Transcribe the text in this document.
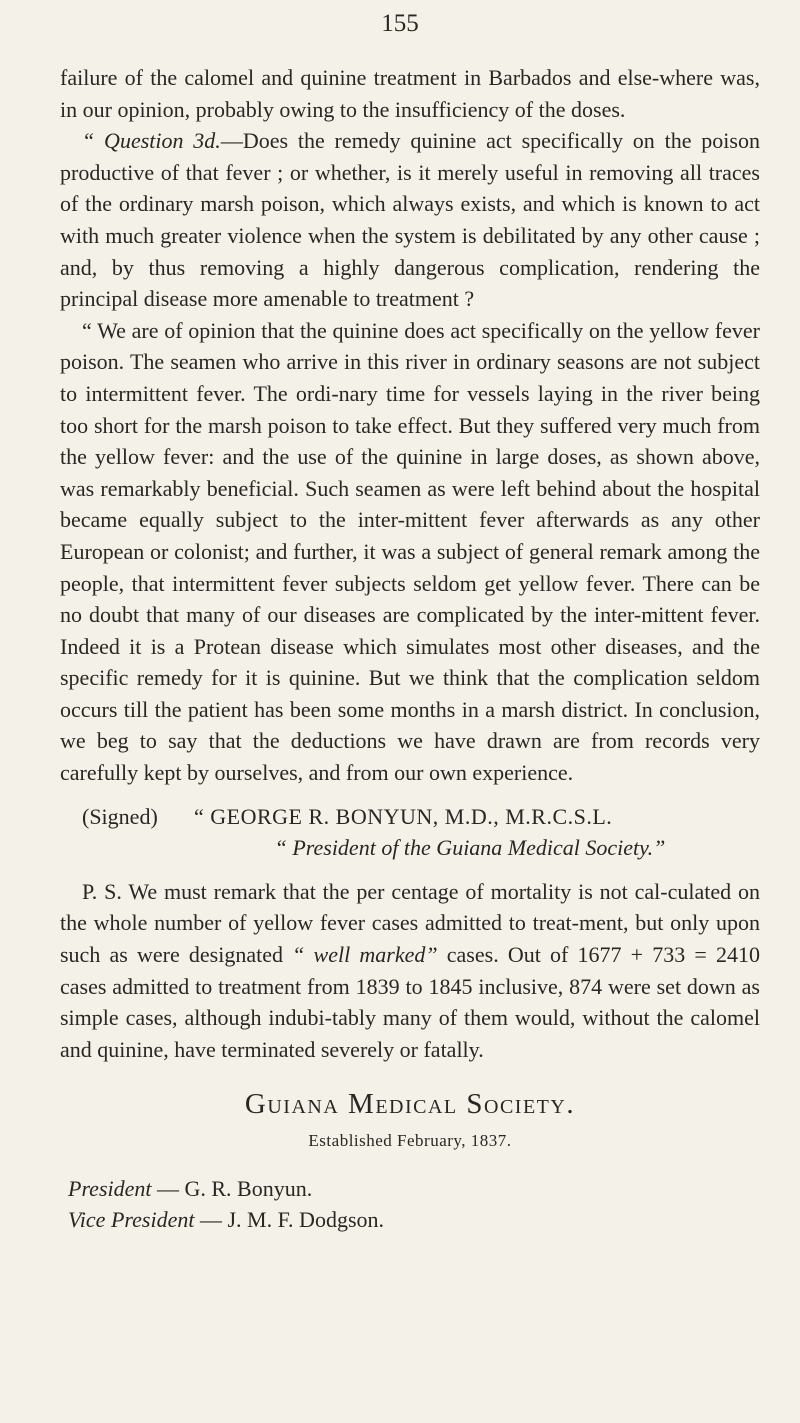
155

failure of the calomel and quinine treatment in Barbados and else-where was, in our opinion, probably owing to the insufficiency of the doses.

“ Question 3d.—Does the remedy quinine act specifically on the poison productive of that fever ; or whether, is it merely useful in removing all traces of the ordinary marsh poison, which always exists, and which is known to act with much greater violence when the system is debilitated by any other cause ; and, by thus removing a highly dangerous complication, rendering the principal disease more amenable to treatment ?

“ We are of opinion that the quinine does act specifically on the yellow fever poison. The seamen who arrive in this river in ordinary seasons are not subject to intermittent fever. The ordi-nary time for vessels laying in the river being too short for the marsh poison to take effect. But they suffered very much from the yellow fever: and the use of the quinine in large doses, as shown above, was remarkably beneficial. Such seamen as were left behind about the hospital became equally subject to the inter-mittent fever afterwards as any other European or colonist; and further, it was a subject of general remark among the people, that intermittent fever subjects seldom get yellow fever. There can be no doubt that many of our diseases are complicated by the inter-mittent fever. Indeed it is a Protean disease which simulates most other diseases, and the specific remedy for it is quinine. But we think that the complication seldom occurs till the patient has been some months in a marsh district. In conclusion, we beg to say that the deductions we have drawn are from records very carefully kept by ourselves, and from our own experience.

(Signed)	“ GEORGE R. BONYUN, M.D., M.R.C.S.L.

“ President of the Guiana Medical Society.”

P. S. We must remark that the per centage of mortality is not cal-culated on the whole number of yellow fever cases admitted to treat-ment, but only upon such as were designated “ well marked” cases. Out of 1677 + 733 = 2410 cases admitted to treatment from 1839 to 1845 inclusive, 874 were set down as simple cases, although indubi-tably many of them would, without the calomel and quinine, have terminated severely or fatally.

Guiana Medical Society.

Established February, 1837.

President — G. R. Bonyun.

Vice President — J. M. F. Dodgson.
